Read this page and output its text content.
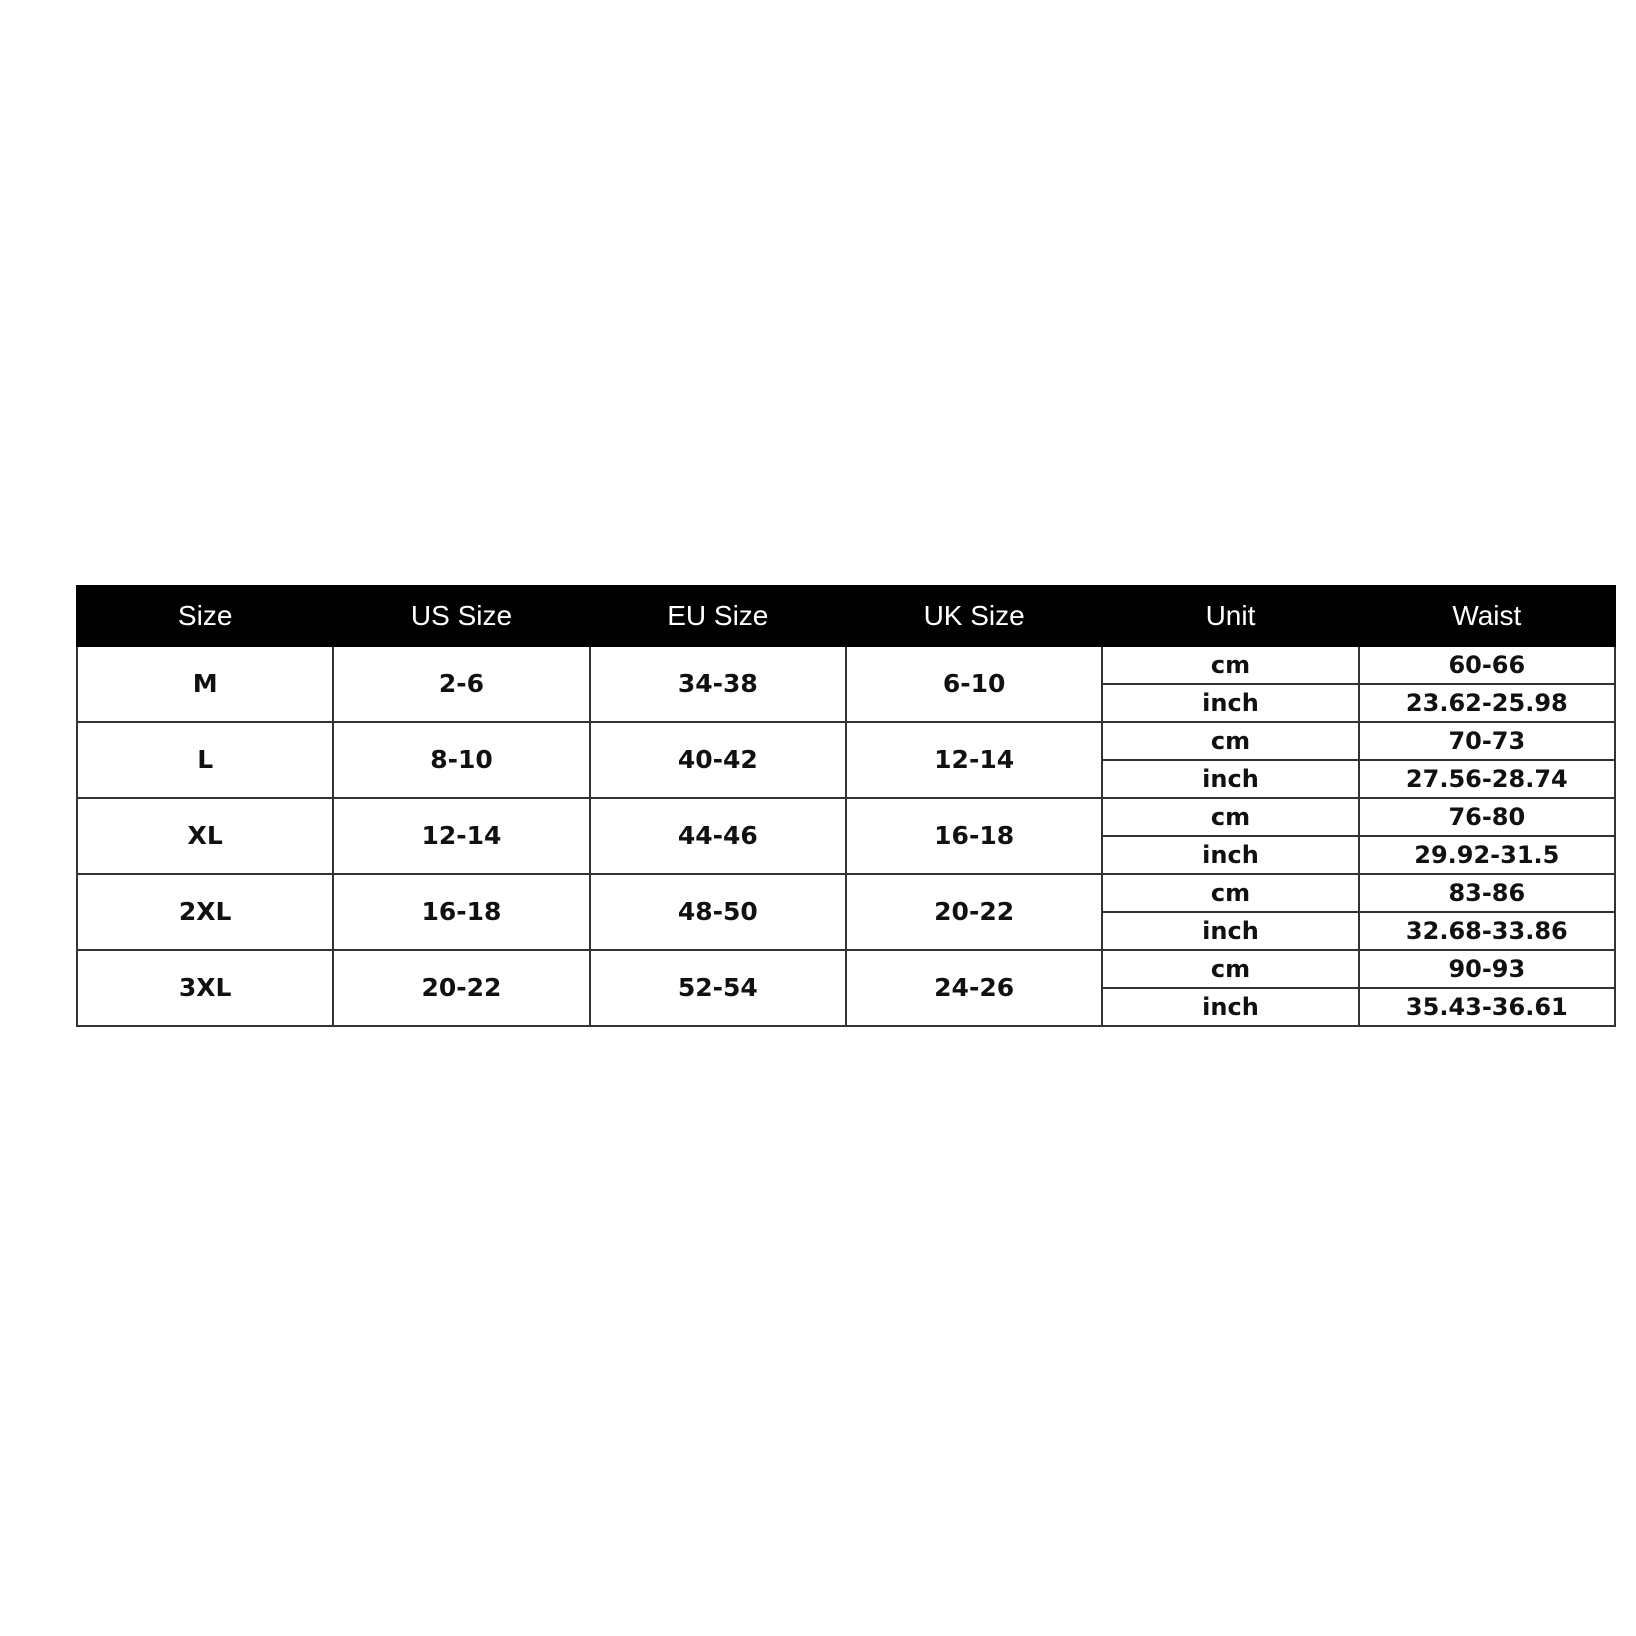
Size	US Size	EU Size	UK Size	Unit	Waist
M	2-6	34-38	6-10	cm	60-66
				inch	23.62-25.98
L	8-10	40-42	12-14	cm	70-73
				inch	27.56-28.74
XL	12-14	44-46	16-18	cm	76-80
				inch	29.92-31.5
2XL	16-18	48-50	20-22	cm	83-86
				inch	32.68-33.86
3XL	20-22	52-54	24-26	cm	90-93
				inch	35.43-36.61
